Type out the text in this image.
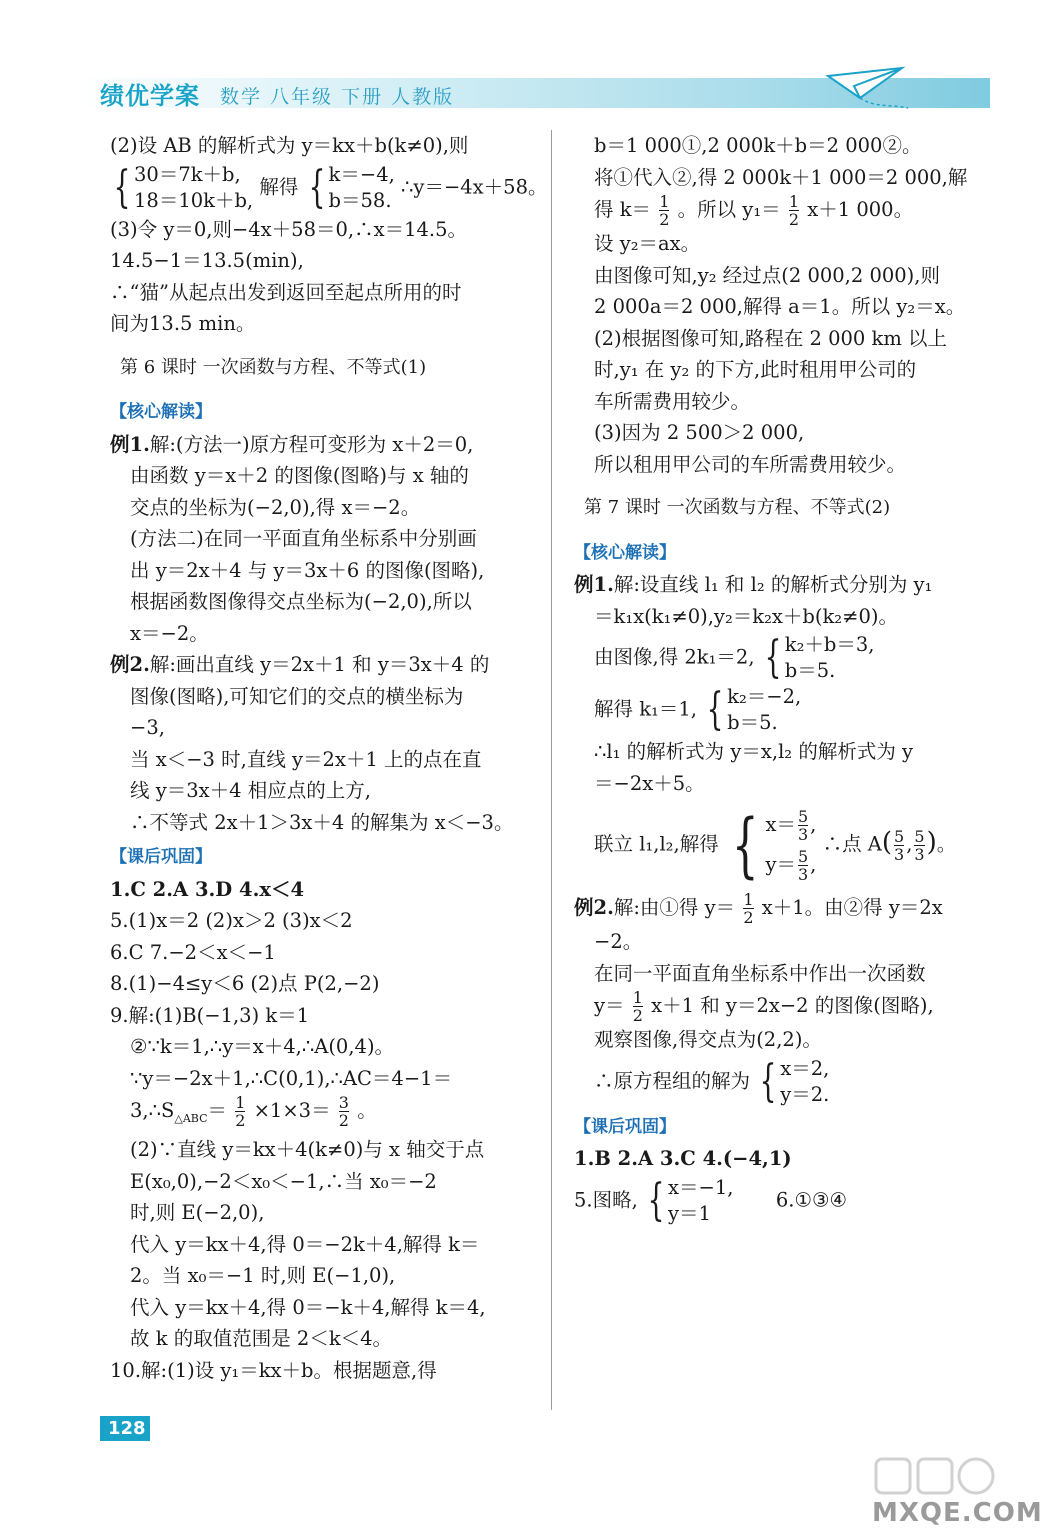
绩优学案 数学 八年级 下册 人教版
(2)设 AB 的解析式为 y＝kx＋b(k≠0),则
{ 30＝7k＋b,
18＝10k＋b,
解得 { k＝−4,
b＝58.
∴y＝−4x＋58。
(3)令 y＝0,则−4x＋58＝0,∴x＝14.5。
14.5−1＝13.5(min),
∴“猫”从起点出发到返回至起点所用的时
间为13.5 min。
第 6 课时 一次函数与方程、不等式(1)
【核心解读】
例1.解:(方法一)原方程可变形为 x＋2＝0,
由函数 y＝x＋2 的图像(图略)与 x 轴的
交点的坐标为(−2,0),得 x＝−2。
(方法二)在同一平面直角坐标系中分别画
出 y＝2x＋4 与 y＝3x＋6 的图像(图略),
根据函数图像得交点坐标为(−2,0),所以
x＝−2。
例2.解:画出直线 y＝2x＋1 和 y＝3x＋4 的
图像(图略),可知它们的交点的横坐标为
−3,
当 x＜−3 时,直线 y＝2x＋1 上的点在直
线 y＝3x＋4 相应点的上方,
∴不等式 2x＋1＞3x＋4 的解集为 x＜−3。
【课后巩固】
1.C 2.A 3.D 4.x＜4
5.(1)x＝2 (2)x＞2 (3)x＜2
6.C 7.−2＜x＜−1
8.(1)−4≤y＜6 (2)点 P(2,−2)
9.解:(1)B(−1,3) k＝1
②∵k＝1,∴y＝x＋4,∴A(0,4)。
∵y＝−2x＋1,∴C(0,1),∴AC＝4−1＝
$3,\therefore S_{\triangle ABC}= \frac{1}{2} \times 1\times 3= \frac{3}{2}$ 。
(2)∵直线 y＝kx＋4(k≠0)与 x 轴交于点
E(x₀,0),−2＜x₀＜−1,∴当 x₀＝−2
时,则 E(−2,0),
代入 y＝kx＋4,得 0＝−2k＋4,解得 k＝
2。当 x₀＝−1 时,则 E(−1,0),
代入 y＝kx＋4,得 0＝−k＋4,解得 k＝4,
故 k 的取值范围是 2＜k＜4。
10.解:(1)设 y₁＝kx＋b。根据题意,得
b＝1 000①,2 000k＋b＝2 000②。
将①代入②,得 2 000k＋1 000＝2 000,解
得 $k= \frac{1}{2}$ 。所以 $y_1= \frac{1}{2} x+1$ 000。
设 y₂＝ax。
由图像可知,y₂ 经过点(2 000,2 000),则
2 000a＝2 000,解得 a＝1。所以 y₂＝x。
(2)根据图像可知,路程在 2 000 km 以上
时,y₁ 在 y₂ 的下方,此时租用甲公司的
车所需费用较少。
(3)因为 2 500＞2 000,
所以租用甲公司的车所需费用较少。
第 7 课时 一次函数与方程、不等式(2)
【核心解读】
例1.解:设直线 l₁ 和 l₂ 的解析式分别为 y₁
＝k₁x(k₁≠0),y₂＝k₂x＋b(k₂≠0)。
由图像,得 2k₁＝2, { k₂＋b＝3,
b＝5.
解得 k₁＝1, { k₂＝−2,
b＝5.
∴l₁ 的解析式为 y＝x,l₂ 的解析式为 y
＝−2x＋5。
联立 l₁,l₂,解得 { $x= \frac{5}{3}$ ,
$y= \frac{5}{3}$ ,
∴点 $A( \frac{5}{3}$ , $\frac{5}{3}$ )。
例2.解:由①得 $y= \frac{1}{2} x+1$。由②得 y＝2x
−2。
在同一平面直角坐标系中作出一次函数
$y= \frac{1}{2} x+1$ 和 y＝2x−2 的图像(图略),
观察图像,得交点为(2,2)。
∴原方程组的解为 { x＝2,
y＝2.
【课后巩固】
1.B 2.A 3.C 4.(−4,1)
5.图略, { x＝−1,
y＝1
6.①③④
128
MXQE.COM
